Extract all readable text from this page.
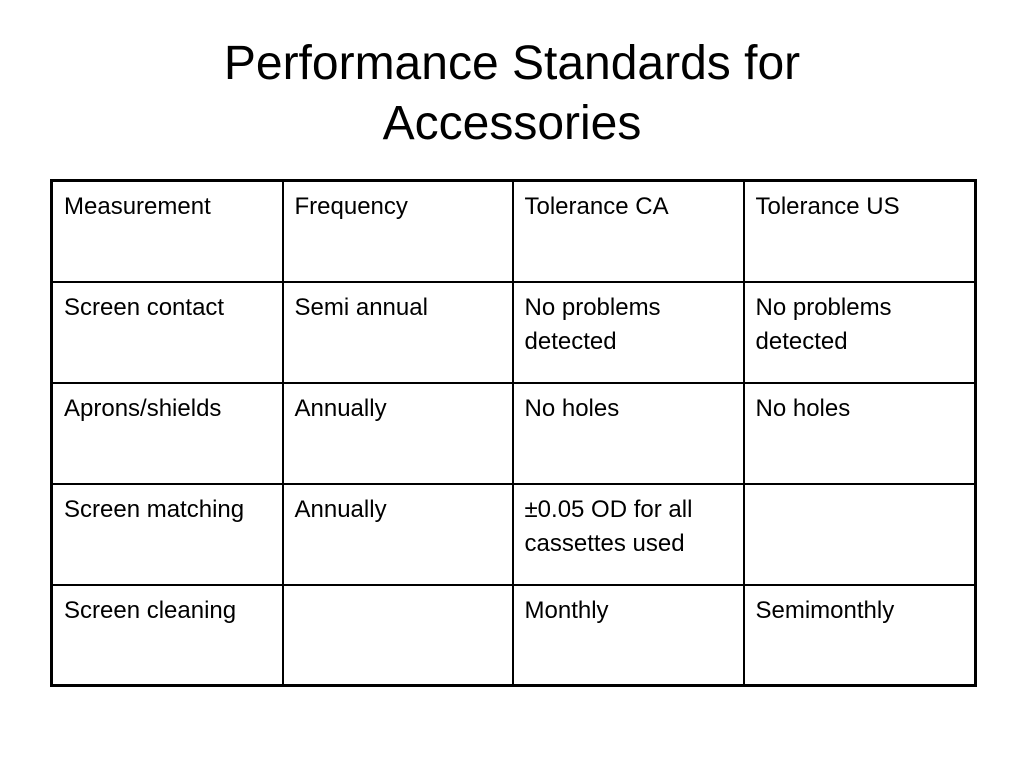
Performance Standards for
Accessories
Measurement	Frequency	Tolerance CA	Tolerance US
Screen contact	Semi annual	No problems detected	No problems detected
Aprons/shields	Annually	No holes	No holes
Screen matching	Annually	±0.05 OD for all cassettes used	
Screen cleaning		Monthly	Semimonthly
